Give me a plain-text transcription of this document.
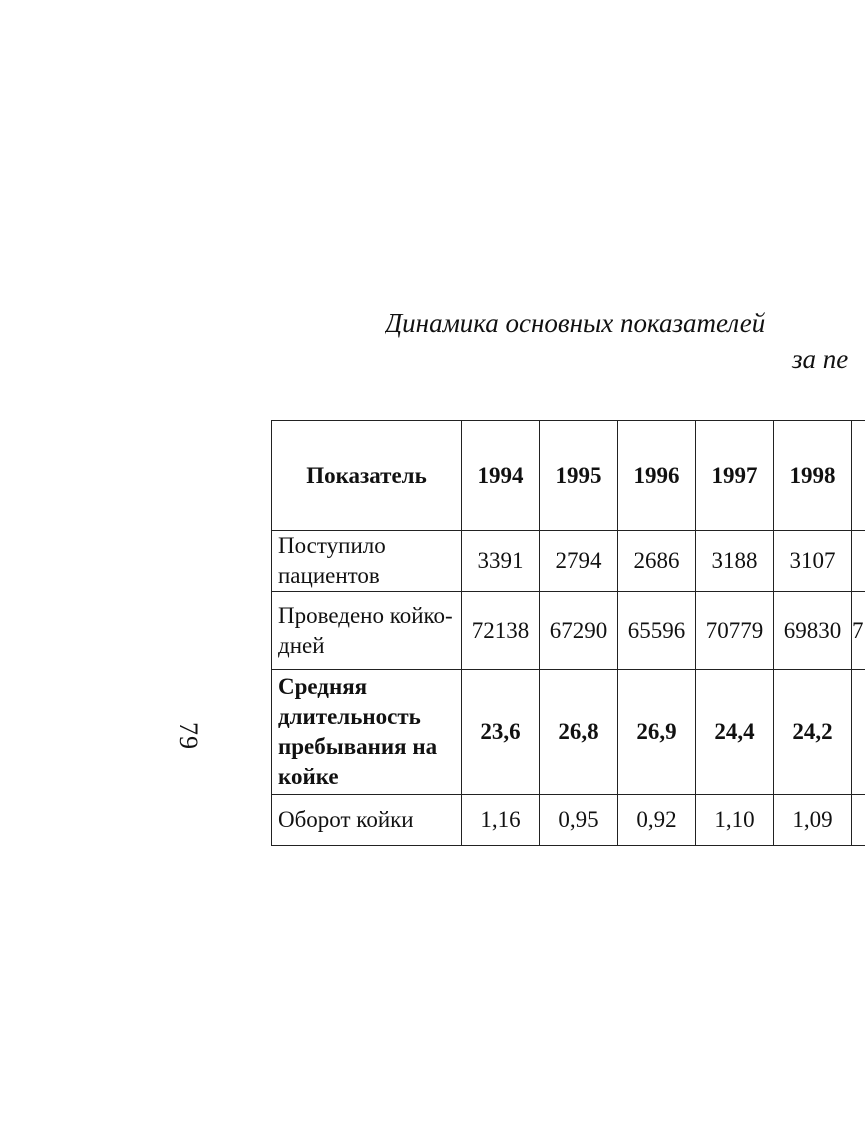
79
Динамика основных показателей
за пе
Показатель	1994	1995	1996	1997	1998	
Поступило пациентов	3391	2794	2686	3188	3107	
Проведено койко-дней	72138	67290	65596	70779	69830	7
Средняя длительность пребывания на койке	23,6	26,8	26,9	24,4	24,2	
Оборот койки	1,16	0,95	0,92	1,10	1,09	
